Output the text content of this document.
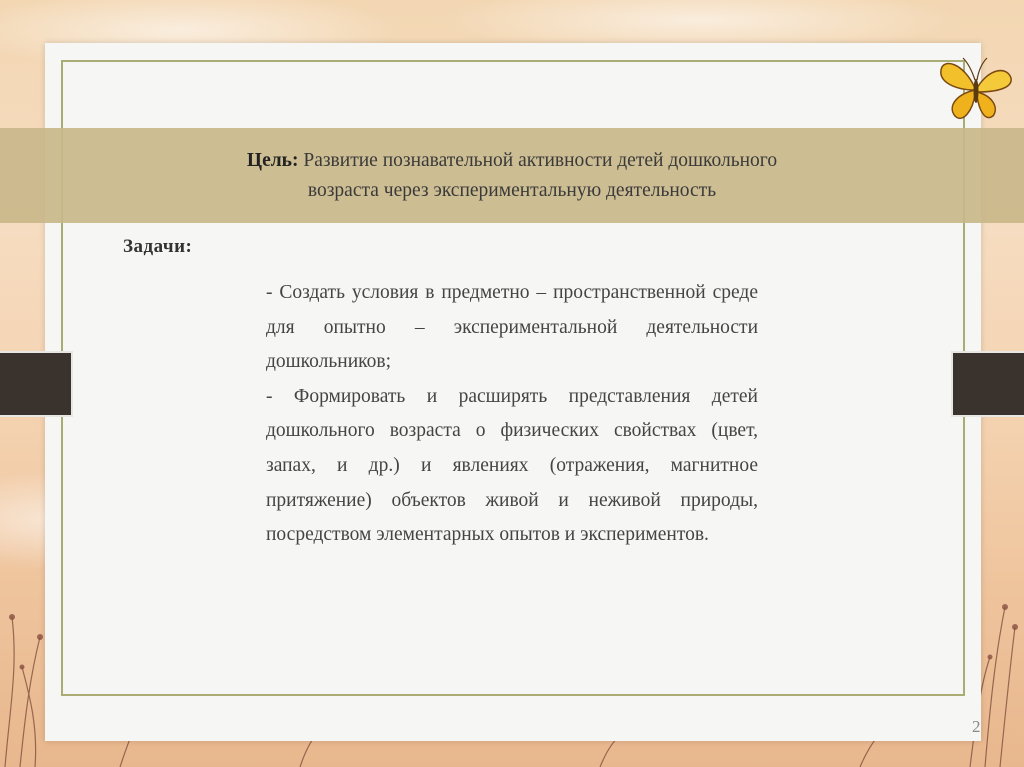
Цель: Развитие познавательной активности детей дошкольного
возраста через экспериментальную деятельность
Задачи:

- Создать условия в предметно – пространственной среде для опытно – экспериментальной деятельности дошкольников;

- Формировать и расширять представления детей дошкольного возраста о физических свойствах (цвет, запах, и др.) и явлениях (отражения, магнитное притяжение) объектов живой и неживой природы, посредством элементарных опытов и экспериментов.

2
